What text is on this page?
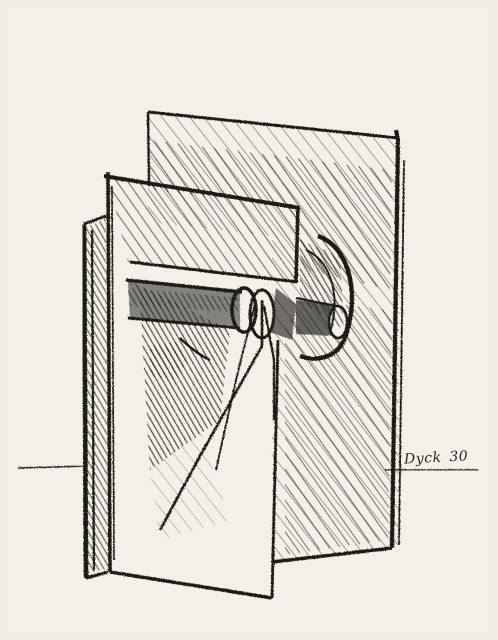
Dyck 30
